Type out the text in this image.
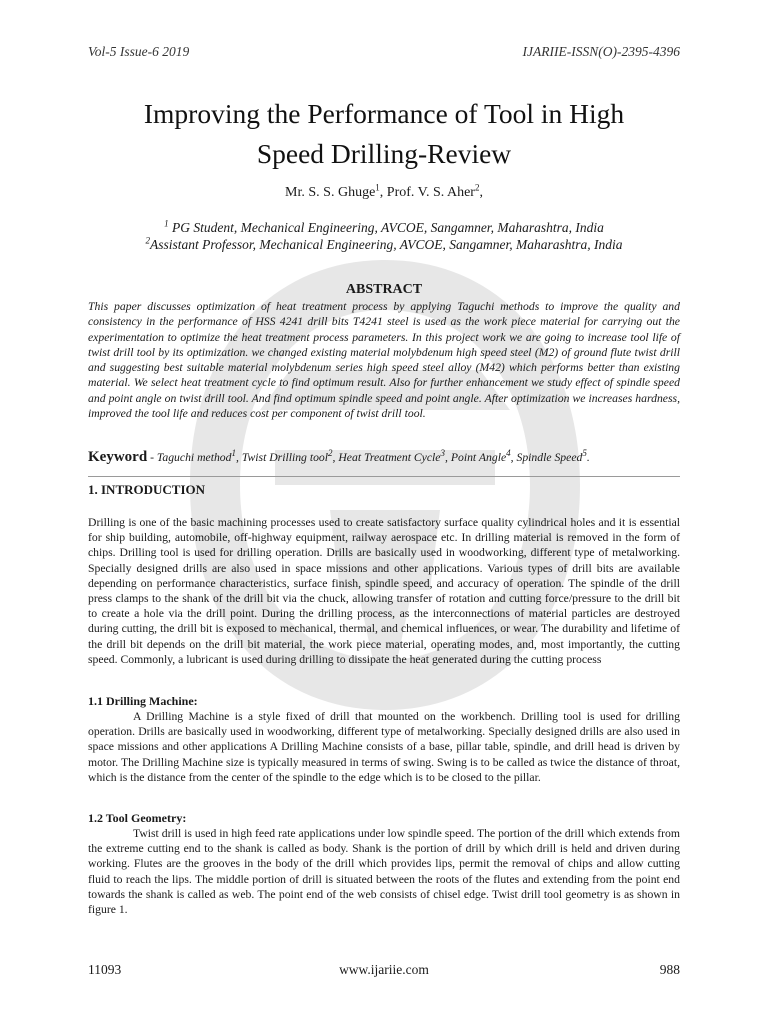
Vol-5 Issue-6 2019	IJARIIE-ISSN(O)-2395-4396
Improving the Performance of Tool in High
Speed Drilling-Review
Mr. S. S. Ghuge$^1$, Prof. V. S. Aher$^2$,
$^1$ PG Student, Mechanical Engineering, AVCOE, Sangamner, Maharashtra, India
$^2$Assistant Professor, Mechanical Engineering, AVCOE, Sangamner, Maharashtra, India
ABSTRACT
This paper discusses optimization of heat treatment process by applying Taguchi methods to improve the quality and consistency in the performance of HSS 4241 drill bits T4241 steel is used as the work piece material for carrying out the experimentation to optimize the heat treatment process parameters. In this project work we are going to increase tool life of twist drill tool by its optimization. we changed existing material molybdenum high speed steel (M2) of ground flute twist drill and suggesting best suitable material molybdenum series high speed steel alloy (M42) which performs better than existing material. We select heat treatment cycle to find optimum result. Also for further enhancement we study effect of spindle speed and point angle on twist drill tool. And find optimum spindle speed and point angle. After optimization we increases hardness, improved the tool life and reduces cost per component of twist drill tool.
Keyword - Taguchi method$^1$, Twist Drilling tool$^2$, Heat Treatment Cycle$^3$, Point Angle$^4$, Spindle Speed$^5$.
1. INTRODUCTION
Drilling is one of the basic machining processes used to create satisfactory surface quality cylindrical holes and it is essential for ship building, automobile, off-highway equipment, railway aerospace etc. In drilling material is removed in the form of chips. Drilling tool is used for drilling operation. Drills are basically used in woodworking, different type of metalworking. Specially designed drills are also used in space missions and other applications. Various types of drill bits are available depending on performance characteristics, surface finish, spindle speed, and accuracy of operation. The spindle of the drill press clamps to the shank of the drill bit via the chuck, allowing transfer of rotation and cutting force/pressure to the drill bit to create a hole via the drill point. During the drilling process, as the interconnections of material particles are destroyed during cutting, the drill bit is exposed to mechanical, thermal, and chemical influences, or wear. The durability and lifetime of the drill bit depends on the drill bit material, the work piece material, operating modes, and, most importantly, the cutting speed. Commonly, a lubricant is used during drilling to dissipate the heat generated during the cutting process
1.1 Drilling Machine:
A Drilling Machine is a style fixed of drill that mounted on the workbench. Drilling tool is used for drilling operation. Drills are basically used in woodworking, different type of metalworking. Specially designed drills are also used in space missions and other applications A Drilling Machine consists of a base, pillar table, spindle, and drill head is driven by motor. The Drilling Machine size is typically measured in terms of swing. Swing is to be called as twice the distance of throat, which is the distance from the center of the spindle to the edge which is to be closed to the pillar.
1.2 Tool Geometry:
Twist drill is used in high feed rate applications under low spindle speed. The portion of the drill which extends from the extreme cutting end to the shank is called as body. Shank is the portion of drill by which drill is held and driven during working. Flutes are the grooves in the body of the drill which provides lips, permit the removal of chips and allow cutting fluid to reach the lips. The middle portion of drill is situated between the roots of the flutes and extending from the point end towards the shank is called as web. The point end of the web consists of chisel edge. Twist drill tool geometry is as shown in figure 1.
11093	www.ijariie.com	988
